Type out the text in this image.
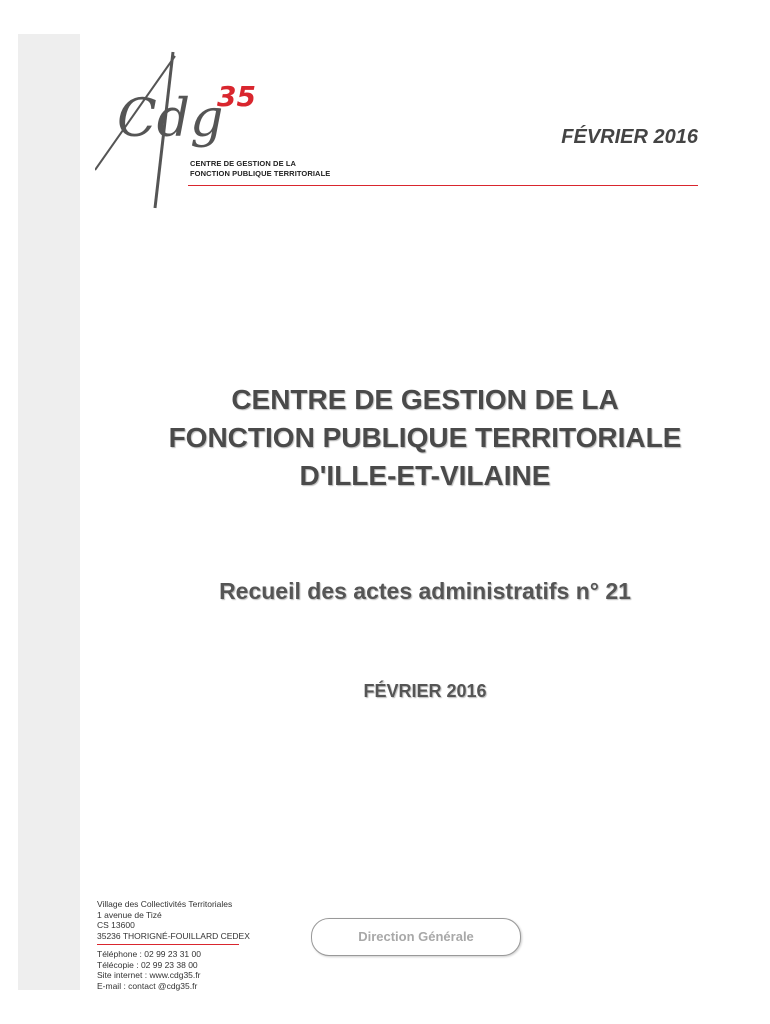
Cdg
35
CENTRE DE GESTION DE LA
FONCTION PUBLIQUE TERRITORIALE
FÉVRIER 2016
CENTRE DE GESTION DE LA
FONCTION PUBLIQUE TERRITORIALE
D'ILLE-ET-VILAINE
Recueil des actes administratifs n° 21
FÉVRIER 2016
Village des Collectivités Territoriales
1 avenue de Tizé
CS 13600
35236 THORIGNÉ-FOUILLARD CEDEX
Téléphone : 02 99 23 31 00
Télécopie : 02 99 23 38 00
Site internet : www.cdg35.fr
E-mail : contact @cdg35.fr
Direction Générale
